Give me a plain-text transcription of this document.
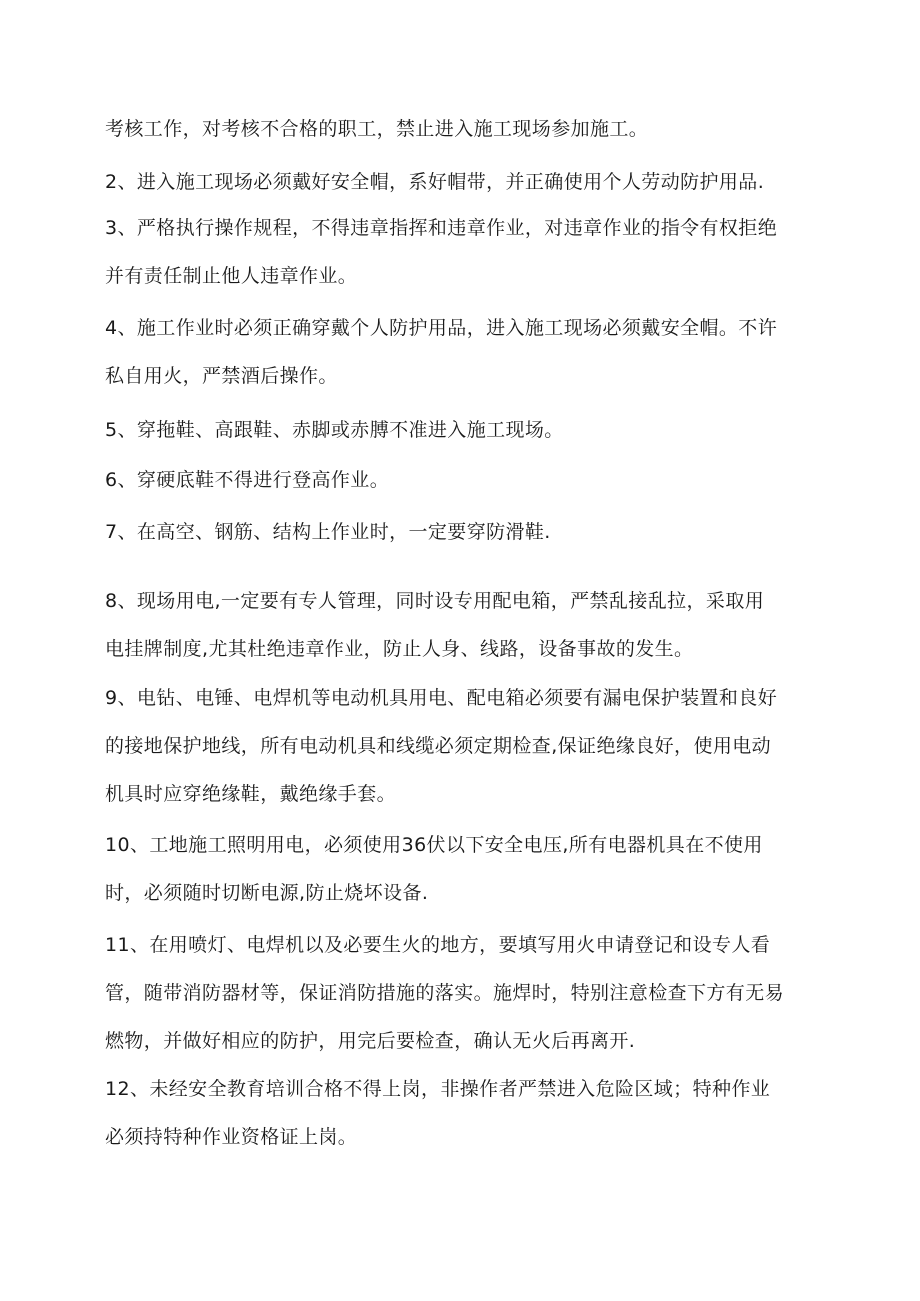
考核工作，对考核不合格的职工，禁止进入施工现场参加施工。

2、进入施工现场必须戴好安全帽，系好帽带，并正确使用个人劳动防护用品.

3、严格执行操作规程，不得违章指挥和违章作业，对违章作业的指令有权拒绝

并有责任制止他人违章作业。

4、施工作业时必须正确穿戴个人防护用品，进入施工现场必须戴安全帽。不许

私自用火，严禁酒后操作。

5、穿拖鞋、高跟鞋、赤脚或赤膊不准进入施工现场。

6、穿硬底鞋不得进行登高作业。

7、在高空、钢筋、结构上作业时，一定要穿防滑鞋.

8、现场用电,一定要有专人管理，同时设专用配电箱，严禁乱接乱拉，采取用

电挂牌制度,尤其杜绝违章作业，防止人身、线路，设备事故的发生。

9、电钻、电锤、电焊机等电动机具用电、配电箱必须要有漏电保护装置和良好

的接地保护地线，所有电动机具和线缆必须定期检查,保证绝缘良好，使用电动

机具时应穿绝缘鞋，戴绝缘手套。

10、工地施工照明用电，必须使用36伏以下安全电压,所有电器机具在不使用

时，必须随时切断电源,防止烧坏设备.

11、在用喷灯、电焊机以及必要生火的地方，要填写用火申请登记和设专人看

管，随带消防器材等，保证消防措施的落实。施焊时，特别注意检查下方有无易

燃物，并做好相应的防护，用完后要检查，确认无火后再离开.

12、未经安全教育培训合格不得上岗，非操作者严禁进入危险区域；特种作业

必须持特种作业资格证上岗。
